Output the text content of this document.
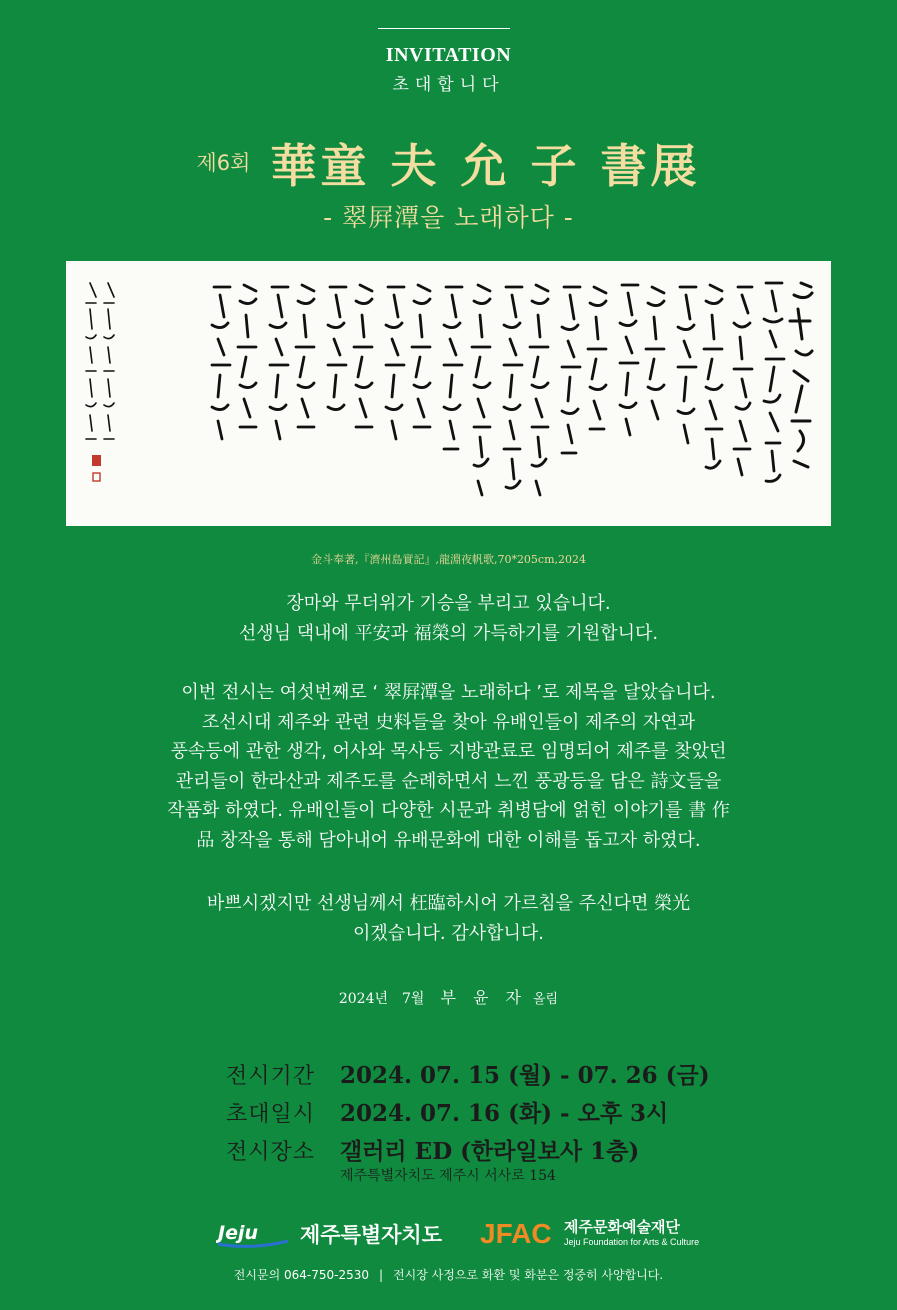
INVITATION
초대합니다
제6회 華童 夫 允 子 書展
- 翠屛潭을 노래하다 -
金斗奉著,『濟州島實記』,龍淵夜帆歌,70*205cm,2024

장마와 무더위가 기승을 부리고 있습니다.

선생님 댁내에 平安과 福榮의 가득하기를 기원합니다.

이번 전시는 여섯번째로 ‘ 翠屛潭을 노래하다 ’로 제목을 달았습니다.

조선시대 제주와 관련 史料들을 찾아 유배인들이 제주의 자연과

풍속등에 관한 생각, 어사와 목사등 지방관료로 임명되어 제주를 찾았던

관리들이 한라산과 제주도를 순례하면서 느낀 풍광등을 담은 詩文들을

작품화 하였다. 유배인들이 다양한 시문과 취병담에 얽힌 이야기를 書 作

品 창작을 통해 담아내어 유배문화에 대한 이해를 돕고자 하였다.

바쁘시겠지만 선생님께서 枉臨하시어 가르침을 주신다면 榮光

이겠습니다. 감사합니다.

2024년 7월 부 윤 자 올림
전시기간	2024. 07. 15 (월) - 07. 26 (금)
초대일시	2024. 07. 16 (화) - 오후 3시
전시장소	갤러리 ED (한라일보사 1층)
제주특별자치도 제주시 서사로 154
Jeju 제주특별자치도 JFAC 제주문화예술재단
Jeju Foundation for Arts & Culture
전시문의 064-750-2530 | 전시장 사정으로 화환 및 화분은 정중히 사양합니다.
